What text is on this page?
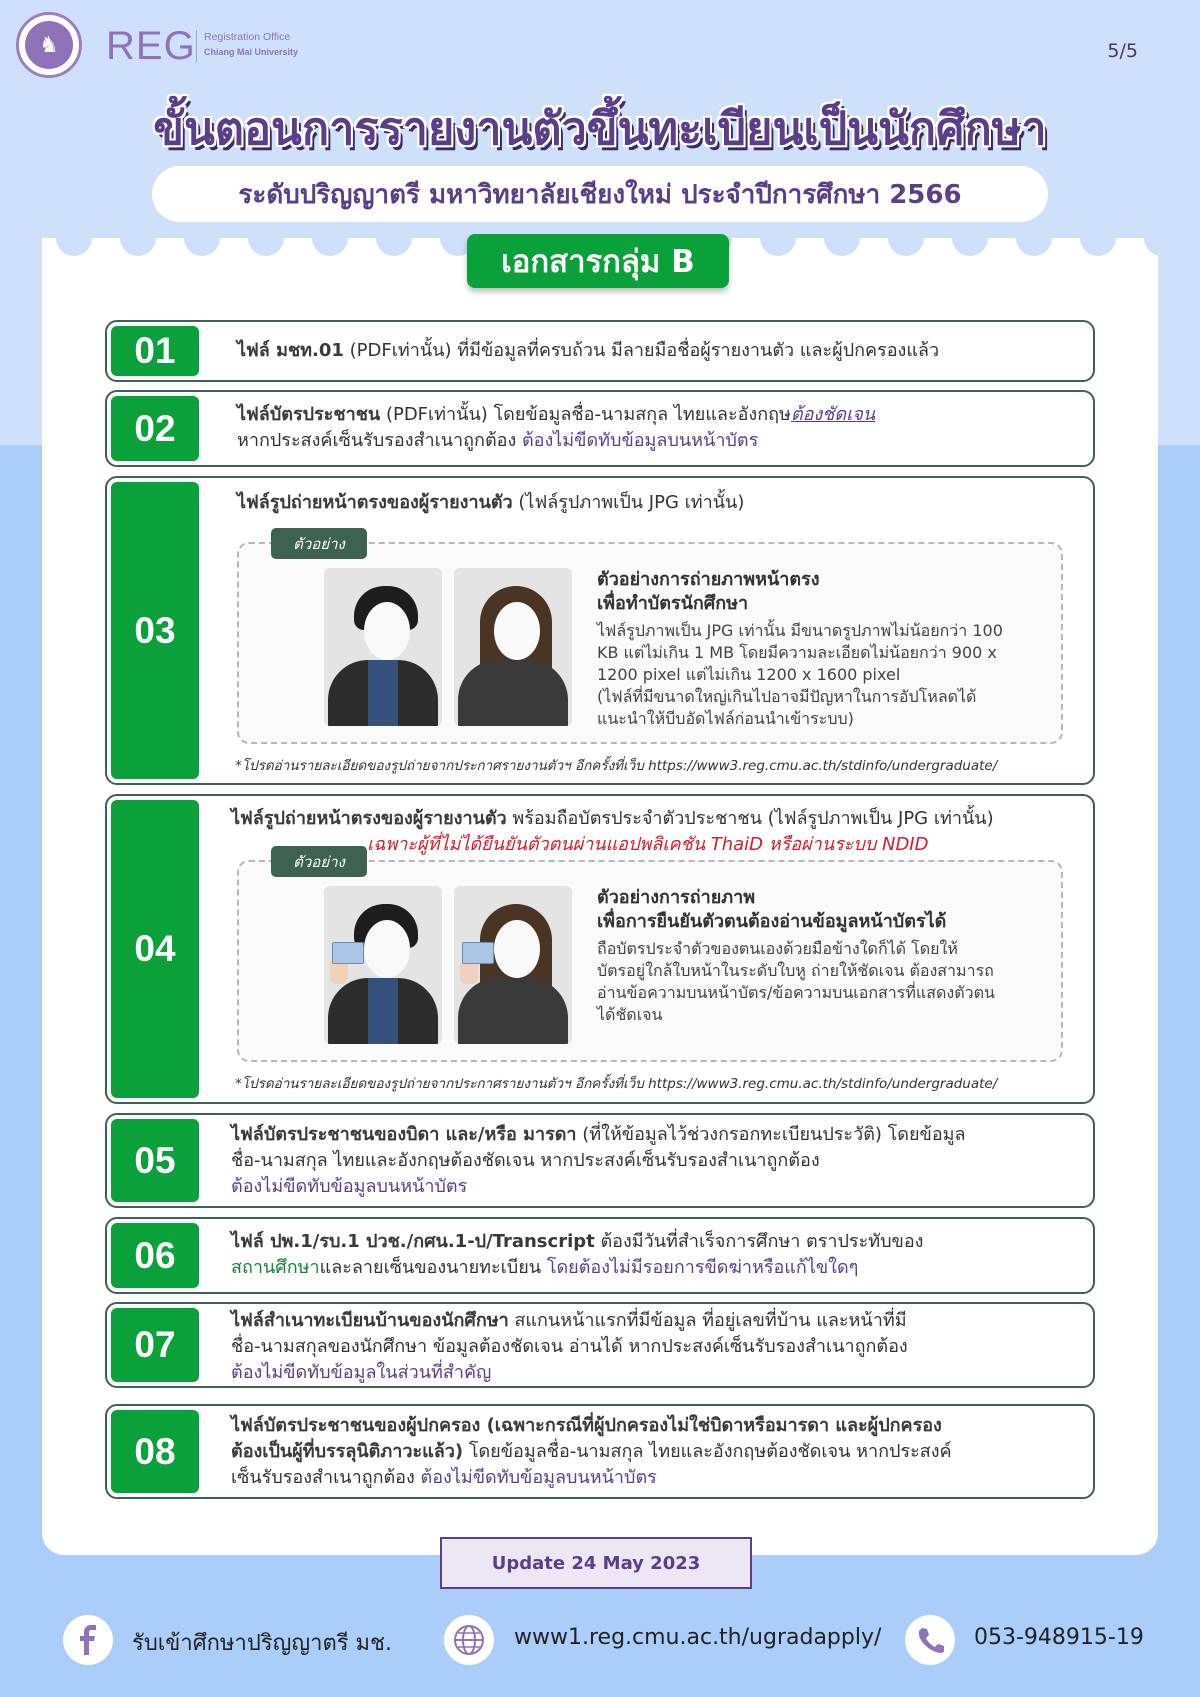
♞	REG Registration Office
Chiang Mai University	5/5
ขั้นตอนการรายงานตัวขึ้นทะเบียนเป็นนักศึกษา
ระดับปริญญาตรี มหาวิทยาลัยเชียงใหม่ ประจำปีการศึกษา 2566
เอกสารกลุ่ม B
01	ไฟล์ มชท.01 (PDFเท่านั้น) ที่มีข้อมูลที่ครบถ้วน มีลายมือชื่อผู้รายงานตัว และผู้ปกครองแล้ว
02	ไฟล์บัตรประชาชน (PDFเท่านั้น) โดยข้อมูลชื่อ-นามสกุล ไทยและอังกฤษต้องชัดเจน
หากประสงค์เซ็นรับรองสำเนาถูกต้อง ต้องไม่ขีดทับข้อมูลบนหน้าบัตร
03
ไฟล์รูปถ่ายหน้าตรงของผู้รายงานตัว (ไฟล์รูปภาพเป็น JPG เท่านั้น)
ตัวอย่าง
ตัวอย่างการถ่ายภาพหน้าตรง
เพื่อทำบัตรนักศึกษา
ไฟล์รูปภาพเป็น JPG เท่านั้น มีขนาดรูปภาพไม่น้อยกว่า 100
KB แต่ไม่เกิน 1 MB โดยมีความละเอียดไม่น้อยกว่า 900 x
1200 pixel แต่ไม่เกิน 1200 x 1600 pixel
(ไฟล์ที่มีขนาดใหญ่เกินไปอาจมีปัญหาในการอัปโหลดได้
แนะนำให้บีบอัดไฟล์ก่อนนำเข้าระบบ)
*โปรดอ่านรายละเอียดของรูปถ่ายจากประกาศรายงานตัวฯ อีกครั้งที่เว็บ https://www3.reg.cmu.ac.th/stdinfo/undergraduate/
04
ไฟล์รูปถ่ายหน้าตรงของผู้รายงานตัว พร้อมถือบัตรประจำตัวประชาชน (ไฟล์รูปภาพเป็น JPG เท่านั้น)
เฉพาะผู้ที่ไม่ได้ยืนยันตัวตนผ่านแอปพลิเคชัน ThaiD หรือผ่านระบบ NDID
ตัวอย่าง
ตัวอย่างการถ่ายภาพ
เพื่อการยืนยันตัวตนต้องอ่านข้อมูลหน้าบัตรได้
ถือบัตรประจำตัวของตนเองด้วยมือข้างใดก็ได้ โดยให้
บัตรอยู่ใกล้ใบหน้าในระดับใบหู ถ่ายให้ชัดเจน ต้องสามารถ
อ่านข้อความบนหน้าบัตร/ข้อความบนเอกสารที่แสดงตัวตน
ได้ชัดเจน
*โปรดอ่านรายละเอียดของรูปถ่ายจากประกาศรายงานตัวฯ อีกครั้งที่เว็บ https://www3.reg.cmu.ac.th/stdinfo/undergraduate/
05
ไฟล์บัตรประชาชนของบิดา และ/หรือ มารดา (ที่ให้ข้อมูลไว้ช่วงกรอกทะเบียนประวัติ) โดยข้อมูล
ชื่อ-นามสกุล ไทยและอังกฤษต้องชัดเจน หากประสงค์เซ็นรับรองสำเนาถูกต้อง
ต้องไม่ขีดทับข้อมูลบนหน้าบัตร
06	ไฟล์ ปพ.1/รบ.1 ปวช./กศน.1-ป/Transcript ต้องมีวันที่สำเร็จการศึกษา ตราประทับของ
สถานศึกษาและลายเซ็นของนายทะเบียน โดยต้องไม่มีรอยการขีดฆ่าหรือแก้ไขใดๆ
07
ไฟล์สำเนาทะเบียนบ้านของนักศึกษา สแกนหน้าแรกที่มีข้อมูล ที่อยู่เลขที่บ้าน และหน้าที่มี
ชื่อ-นามสกุลของนักศึกษา ข้อมูลต้องชัดเจน อ่านได้ หากประสงค์เซ็นรับรองสำเนาถูกต้อง
ต้องไม่ขีดทับข้อมูลในส่วนที่สำคัญ
08
ไฟล์บัตรประชาชนของผู้ปกครอง (เฉพาะกรณีที่ผู้ปกครองไม่ใช่บิดาหรือมารดา และผู้ปกครอง
ต้องเป็นผู้ที่บรรลุนิติภาวะแล้ว) โดยข้อมูลชื่อ-นามสกุล ไทยและอังกฤษต้องชัดเจน หากประสงค์
เซ็นรับรองสำเนาถูกต้อง ต้องไม่ขีดทับข้อมูลบนหน้าบัตร
Update 24 May 2023
รับเข้าศึกษาปริญญาตรี มช.	www1.reg.cmu.ac.th/ugradapply/	053-948915-19
